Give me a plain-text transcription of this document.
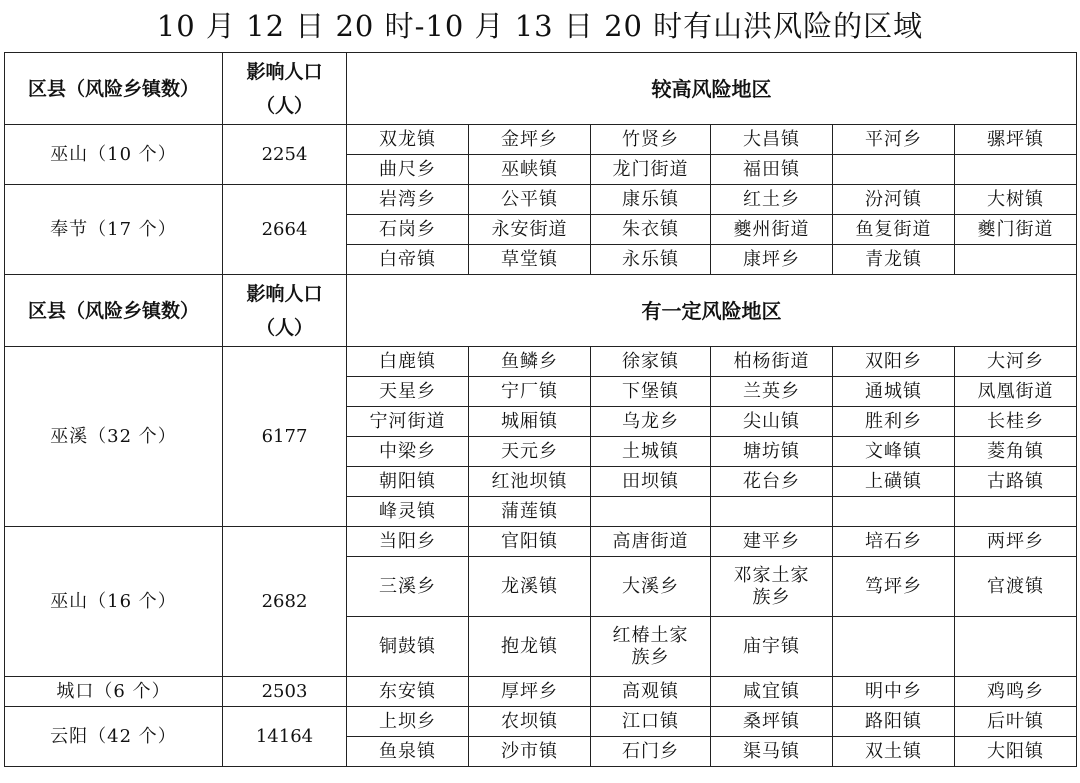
10 月 12 日 20 时-10 月 13 日 20 时有山洪风险的区域
区县（风险乡镇数）	影响人口
（人）	较高风险地区					
巫山（10 个）	2254	双龙镇	金坪乡	竹贤乡	大昌镇	平河乡	骡坪镇
		曲尺乡	巫峡镇	龙门街道	福田镇		
奉节（17 个）	2664	岩湾乡	公平镇	康乐镇	红土乡	汾河镇	大树镇
		石岗乡	永安街道	朱衣镇	夔州街道	鱼复街道	夔门街道
		白帝镇	草堂镇	永乐镇	康坪乡	青龙镇	
区县（风险乡镇数）	影响人口
（人）	有一定风险地区					
巫溪（32 个）	6177	白鹿镇	鱼鳞乡	徐家镇	柏杨街道	双阳乡	大河乡
		天星乡	宁厂镇	下堡镇	兰英乡	通城镇	凤凰街道
		宁河街道	城厢镇	乌龙乡	尖山镇	胜利乡	长桂乡
		中梁乡	天元乡	土城镇	塘坊镇	文峰镇	菱角镇
		朝阳镇	红池坝镇	田坝镇	花台乡	上磺镇	古路镇
		峰灵镇	蒲莲镇				
巫山（16 个）	2682	当阳乡	官阳镇	高唐街道	建平乡	培石乡	两坪乡
		三溪乡	龙溪镇	大溪乡	邓家土家
族乡	笃坪乡	官渡镇
		铜鼓镇	抱龙镇	红椿土家
族乡	庙宇镇		
城口（6 个）	2503	东安镇	厚坪乡	高观镇	咸宜镇	明中乡	鸡鸣乡
云阳（42 个）	14164	上坝乡	农坝镇	江口镇	桑坪镇	路阳镇	后叶镇
		鱼泉镇	沙市镇	石门乡	渠马镇	双土镇	大阳镇
